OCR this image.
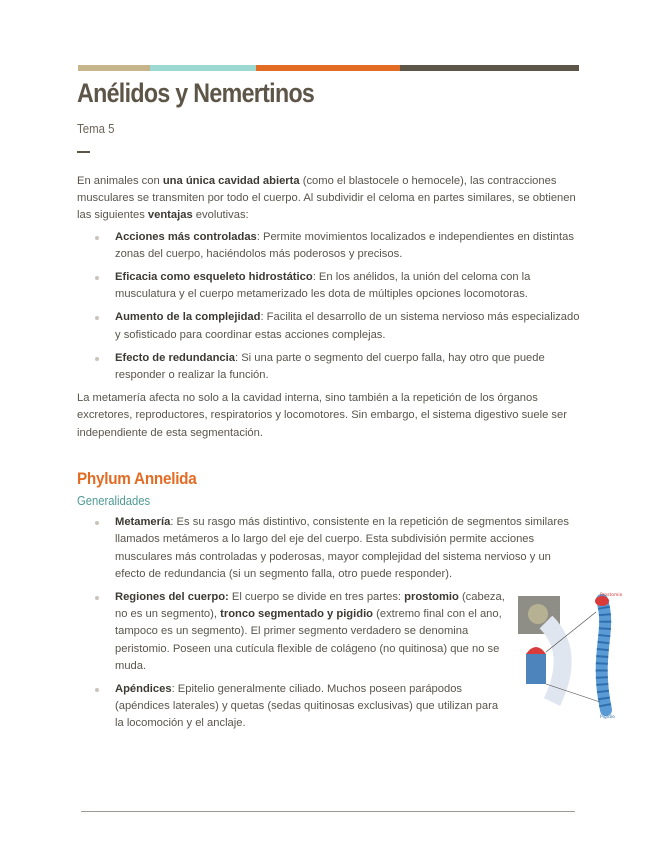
Anélidos y Nemertinos
Tema 5

En animales con una única cavidad abierta (como el blastocele o hemocele), las contracciones musculares se transmiten por todo el cuerpo. Al subdividir el celoma en partes similares, se obtienen las siguientes ventajas evolutivas:

Acciones más controladas: Permite movimientos localizados e independientes en distintas zonas del cuerpo, haciéndolos más poderosos y precisos.
Eficacia como esqueleto hidrostático: En los anélidos, la unión del celoma con la musculatura y el cuerpo metamerizado les dota de múltiples opciones locomotoras.
Aumento de la complejidad: Facilita el desarrollo de un sistema nervioso más especializado y sofisticado para coordinar estas acciones complejas.
Efecto de redundancia: Si una parte o segmento del cuerpo falla, hay otro que puede responder o realizar la función.

La metamería afecta no solo a la cavidad interna, sino también a la repetición de los órganos excretores, reproductores, respiratorios y locomotores. Sin embargo, el sistema digestivo suele ser independiente de esta segmentación.

Phylum Annelida
Generalidades
Metamería: Es su rasgo más distintivo, consistente en la repetición de segmentos similares llamados metámeros a lo largo del eje del cuerpo. Esta subdivisión permite acciones musculares más controladas y poderosas, mayor complejidad del sistema nervioso y un efecto de redundancia (si un segmento falla, otro puede responder).
Regiones del cuerpo: El cuerpo se divide en tres partes: prostomio (cabeza, no es un segmento), tronco segmentado y pigidio (extremo final con el ano, tampoco es un segmento). El primer segmento verdadero se denomina peristomio. Poseen una cutícula flexible de colágeno (no quitinosa) que no se muda.
Apéndices: Epitelio generalmente ciliado. Muchos poseen parápodos (apéndices laterales) y quetas (sedas quitinosas exclusivas) que utilizan para la locomoción y el anclaje.
Prostomio
Pigidio
